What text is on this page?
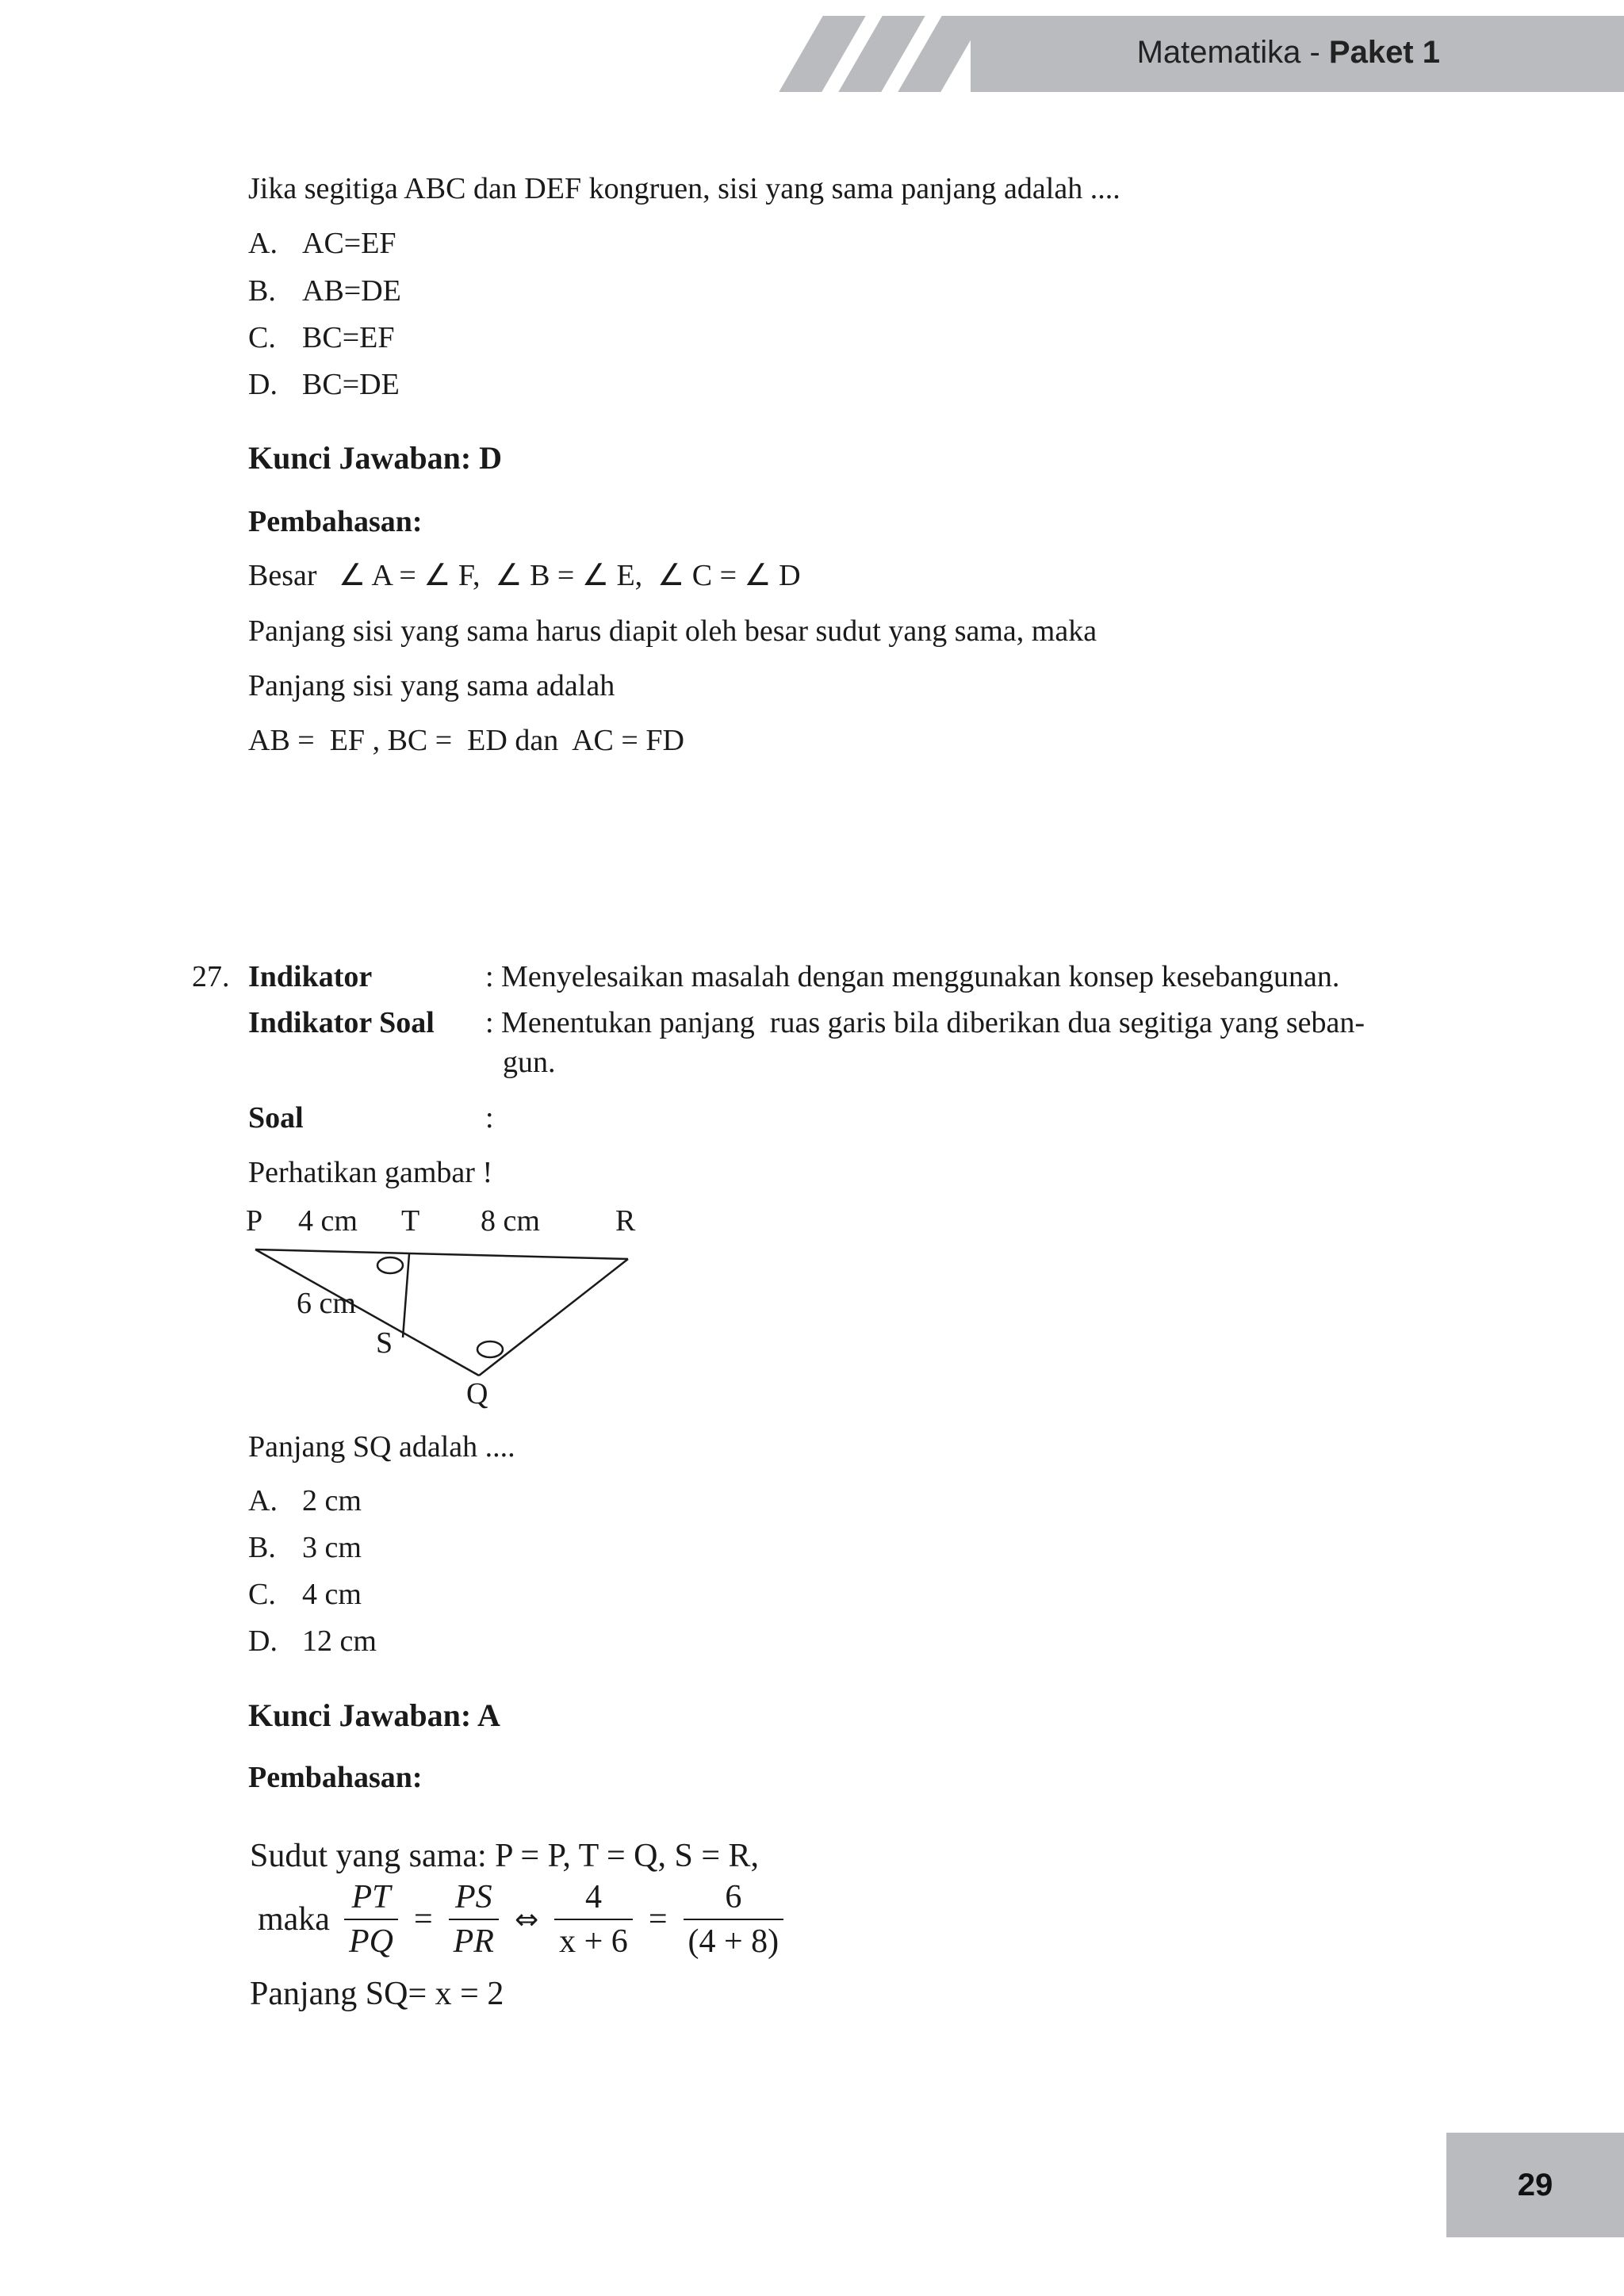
Matematika - Paket 1
Jika segitiga ABC dan DEF kongruen, sisi yang sama panjang adalah ....
A. AC=EF
B. AB=DE
C. BC=EF
D. BC=DE
Kunci Jawaban: D
Pembahasan:
Besar ∠ A = ∠ F,  ∠ B = ∠ E,  ∠ C = ∠ D
Panjang sisi yang sama harus diapit oleh besar sudut yang sama, maka
Panjang sisi yang sama adalah
AB =  EF , BC =  ED dan  AC = FD
27. Indikator	: Menyelesaikan masalah dengan menggunakan konsep kesebangunan.
Indikator Soal : Menentukan panjang  ruas garis bila diberikan dua segitiga yang seban-
gun.
Soal	:
Perhatikan gambar !
P 4 cm T 8 cm	R
6 cm
S
Q
Panjang SQ adalah ....
A. 2 cm
B. 3 cm
C. 4 cm
D. 12 cm
Kunci Jawaban: A
Pembahasan:
Sudut yang sama: P = P, T = Q, S = R,
maka $\frac{PT}{PQ} = \frac{PS}{PR}$ ⇔ $\frac{4}{x + 6} = \frac{6}{(4 + 8)}$
Panjang SQ= x = 2
29
